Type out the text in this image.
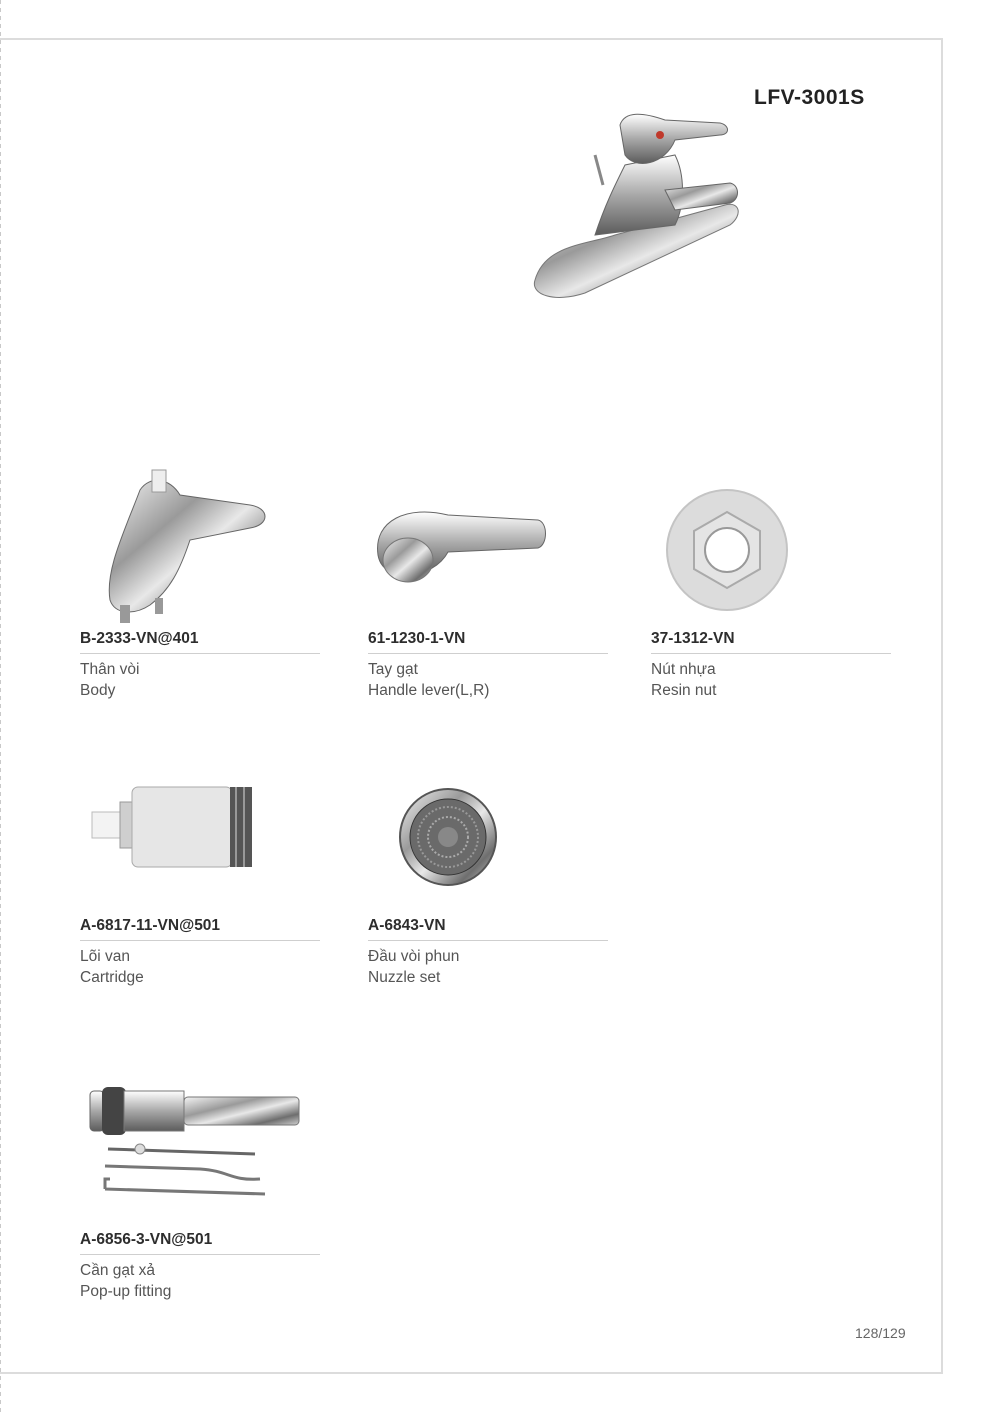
LFV-3001S
B-2333-VN@401
Thân vòi
Body
61-1230-1-VN
Tay gạt
Handle lever(L,R)
37-1312-VN
Nút nhựa
Resin nut
A-6817-11-VN@501
Lõi van
Cartridge
A-6843-VN
Đầu vòi phun
Nuzzle set
A-6856-3-VN@501
Cần gạt xả
Pop-up fitting
128/129
